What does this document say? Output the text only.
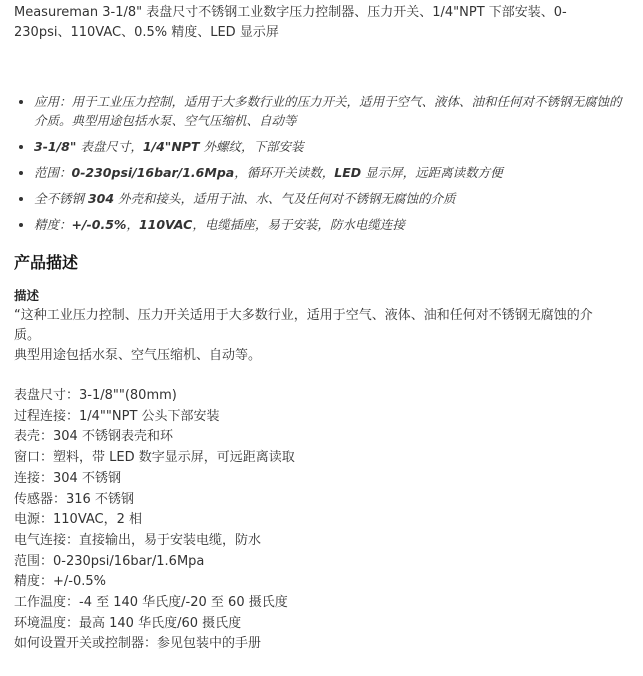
Measureman 3-1/8" 表盘尺寸不锈钢工业数字压力控制器、压力开关、1/4"NPT 下部安装、0-230psi、110VAC、0.5% 精度、LED 显示屏
• 应用：用于工业压力控制，适用于大多数行业的压力开关，适用于空气、液体、油和任何对不锈钢无腐蚀的介质。典型用途包括水泵、空气压缩机、自动等
• 3-1/8" 表盘尺寸，1/4"NPT 外螺纹，下部安装
• 范围：0-230psi/16bar/1.6Mpa，循环开关读数，LED 显示屏，远距离读数方便
• 全不锈钢 304 外壳和接头，适用于油、水、气及任何对不锈钢无腐蚀的介质
• 精度：+/-0.5%，110VAC，电缆插座，易于安装，防水电缆连接
产品描述
描述

“这种工业压力控制、压力开关适用于大多数行业，适用于空气、液体、油和任何对不锈钢无腐蚀的介质。
典型用途包括水泵、空气压缩机、自动等。

表盘尺寸：3-1/8""(80mm)
过程连接：1/4""NPT 公头下部安装
表壳：304 不锈钢表壳和环
窗口：塑料，带 LED 数字显示屏，可远距离读取
连接：304 不锈钢
传感器：316 不锈钢
电源：110VAC，2 相
电气连接：直接输出，易于安装电缆，防水
范围：0-230psi/16bar/1.6Mpa
精度：+/-0.5%
工作温度：-4 至 140 华氏度/-20 至 60 摄氏度
环境温度：最高 140 华氏度/60 摄氏度
如何设置开关或控制器：参见包装中的手册
